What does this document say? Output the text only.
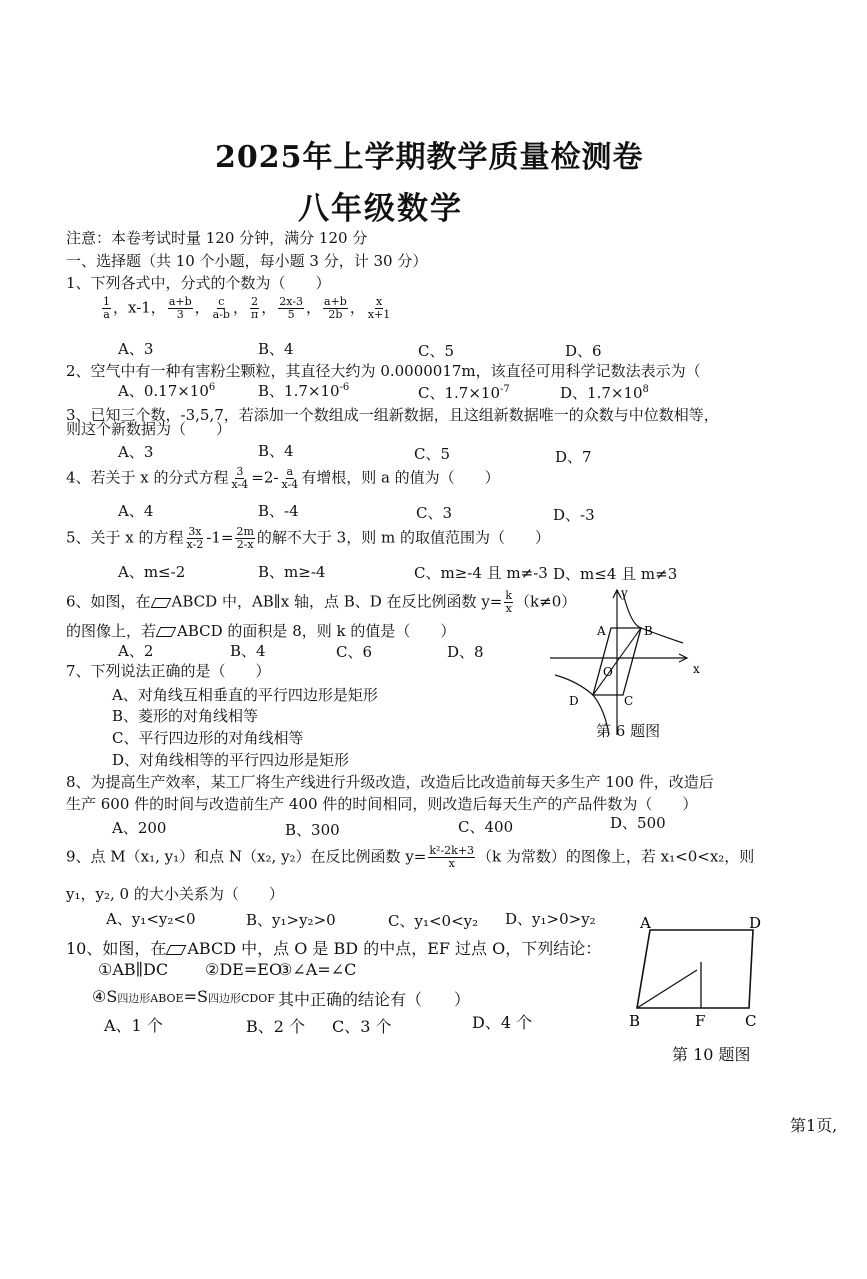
2025年上学期教学质量检测卷
八年级数学
注意：本卷考试时量 120 分钟，满分 120 分
一、选择题（共 10 个小题，每小题 3 分，计 30 分）
1、下列各式中，分式的个数为（　　）
$\frac{1}{a}$ ，x-1， $\frac{a+b}{3}$ ， $\frac{c}{a-b}$ ， $\frac{2}{\pi}$ ， $\frac{2x-3}{5}$ ， $\frac{a+b}{2b}$ ， $\frac{x}{x+1}$
A、3	B、4	C、5	D、6
2、空气中有一种有害粉尘颗粒，其直径大约为 0.0000017m，该直径可用科学记数法表示为（
A、$0.17\times 10^6$	B、$1.7\times 10^{-6}$	C、$1.7\times 10^{-7}$	D、$1.7\times 10^8$
3、已知三个数，-3,5,7，若添加一个数组成一组新数据，且这组新数据唯一的众数与中位数相等，
则这个新数据为（　　）
A、3	B、4	C、5	D、7
4、若关于 x 的分式方程 $\frac{3}{x-4} =2- \frac{a}{x-4}$ 有增根，则 a 的值为（　　）
A、4	B、-4	C、3	D、-3
5、关于 x 的方程 $\frac{3x}{x-2} -1= \frac{2m}{2-x}$ 的解不大于 3，则 m 的取值范围为（　　）
A、m≤-2	B、m≥-4	C、m≥-4 且 m≠-3 D、m≤4 且 m≠3
6、如图，在 ABCD 中，AB∥x 轴，点 B、D 在反比例函数 $y= \frac{k}{x} (k\ne 0)$
的图像上，若 ABCD 的面积是 8，则 k 的值是（　　）
A、2	B、4	C、6	D、8
A	B
O
D	C
x
y
第 6 题图
7、下列说法正确的是（　　）
A、对角线互相垂直的平行四边形是矩形
B、菱形的对角线相等
C、平行四边形的对角线相等
D、对角线相等的平行四边形是矩形
8、为提高生产效率，某工厂将生产线进行升级改造，改造后比改造前每天多生产 100 件，改造后
生产 600 件的时间与改造前生产 400 件的时间相同，则改造后每天生产的产品件数为（　　）
A、200	B、300	C、400	D、500
9、点 M（x₁, y₁）和点 N（x₂, y₂）在反比例函数 $y= \frac{\text{k²-2k+3}}{x} (k$ 为常数）的图像上，若 x₁<0<x₂，则
y₁，y₂, 0 的大小关系为（　　）
A、y₁<y₂<0	B、y₁>y₂>0	C、y₁<0<y₂ D、y₁>0>y₂
10、如图，在 ABCD 中，点 O 是 BD 的中点，EF 过点 O，下列结论：
①AB∥DC ②DE=EO
③∠A=∠C
④S四边形ABOE=S四边形CDOF 其中正确的结论有（　　）
A、1 个	B、2 个 C、3 个	D、4 个
A	D
B	F	C
第 10 题图
第1页,
